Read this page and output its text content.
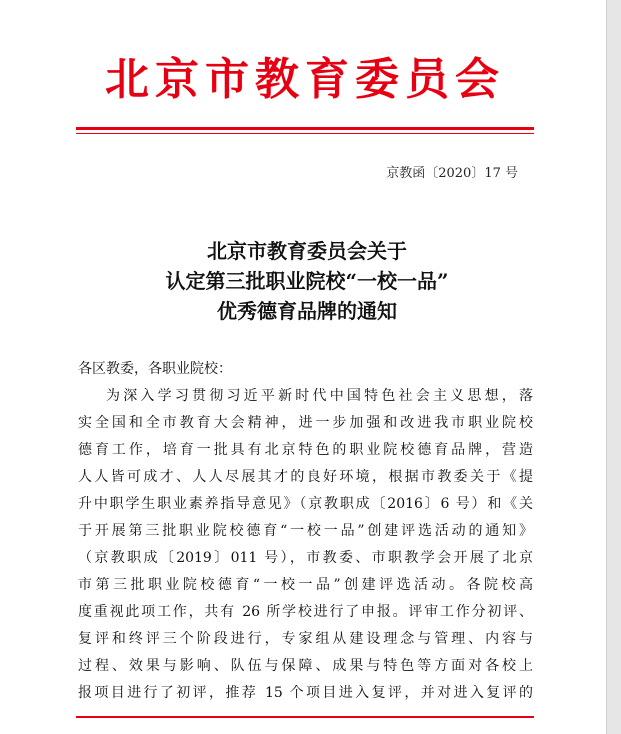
北京市教育委员会
京教函〔2020〕17 号
北京市教育委员会关于
认定第三批职业院校“一校一品”
优秀德育品牌的通知
各区教委，各职业院校：
为深入学习贯彻习近平新时代中国特色社会主义思想，落
实全国和全市教育大会精神，进一步加强和改进我市职业院校
德育工作，培育一批具有北京特色的职业院校德育品牌，营造
人人皆可成才、人人尽展其才的良好环境，根据市教委关于《提
升中职学生职业素养指导意见》（京教职成〔2016〕6 号）和《关
于开展第三批职业院校德育“一校一品”创建评选活动的通知》
（京教职成〔2019〕011 号），市教委、市职教学会开展了北京
市第三批职业院校德育“一校一品”创建评选活动。各院校高
度重视此项工作，共有 26 所学校进行了申报。评审工作分初评、
复评和终评三个阶段进行，专家组从建设理念与管理、内容与
过程、效果与影响、队伍与保障、成果与特色等方面对各校上
报项目进行了初评，推荐 15 个项目进入复评，并对进入复评的
